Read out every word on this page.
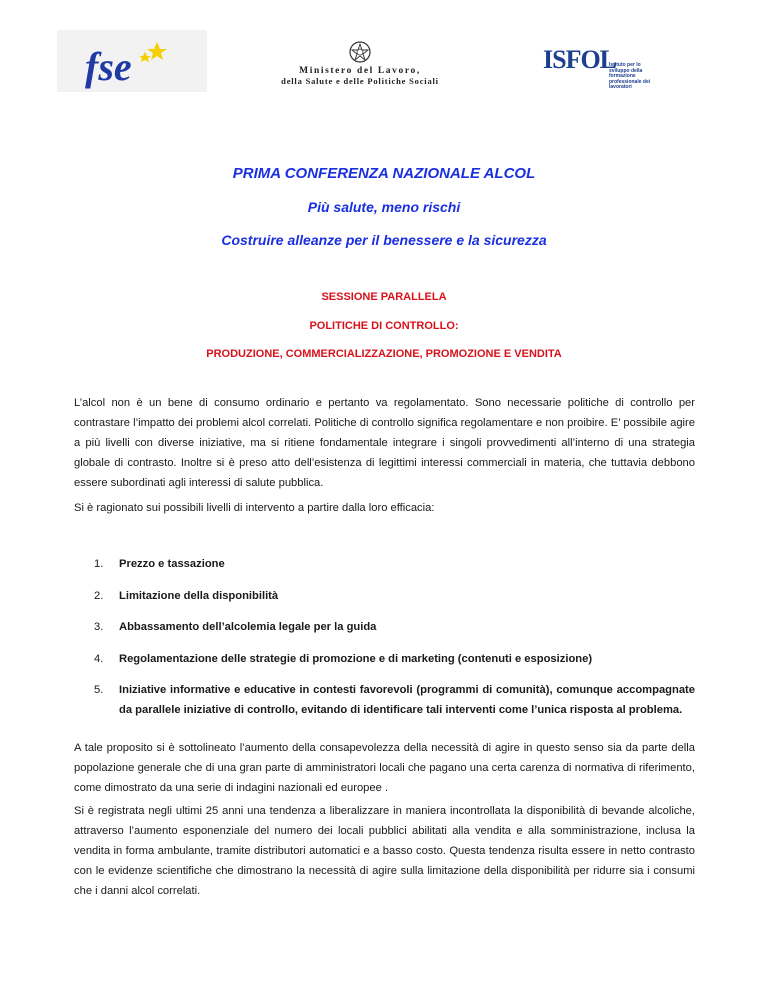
fse	Ministero del Lavoro,
della Salute e delle Politiche Sociali
ISFOL
Istituto per lo sviluppo della formazione professionale dei lavoratori
PRIMA CONFERENZA NAZIONALE ALCOL
Più salute, meno rischi
Costruire alleanze per il benessere e la sicurezza
SESSIONE PARALLELA
POLITICHE DI CONTROLLO:
PRODUZIONE, COMMERCIALIZZAZIONE, PROMOZIONE E VENDITA
L’alcol non è un bene di consumo ordinario e pertanto va regolamentato. Sono necessarie politiche di controllo per contrastare l’impatto dei problemi alcol correlati. Politiche di controllo significa regolamentare e non proibire. E’ possibile agire a più livelli con diverse iniziative, ma si ritiene fondamentale integrare i singoli provvedimenti all’interno di una strategia globale di contrasto. Inoltre si è preso atto dell’esistenza di legittimi interessi commerciali in materia, che tuttavia debbono essere subordinati agli interessi di salute pubblica.
Si è ragionato sui possibili livelli di intervento a partire dalla loro efficacia:
1. Prezzo e tassazione
2. Limitazione della disponibilità
3. Abbassamento dell’alcolemia legale per la guida
4. Regolamentazione delle strategie di promozione e di marketing (contenuti e esposizione)
5. Iniziative informative e educative in contesti favorevoli (programmi di comunità), comunque accompagnate da parallele iniziative di controllo, evitando di identificare tali interventi come l’unica risposta al problema.
A tale proposito si è sottolineato l’aumento della consapevolezza della necessità di agire in questo senso sia da parte della popolazione generale che di una gran parte di amministratori locali che pagano una certa carenza di normativa di riferimento, come dimostrato da una serie di indagini nazionali ed europee .
Si è registrata negli ultimi 25 anni una tendenza a liberalizzare in maniera incontrollata la disponibilità di bevande alcoliche, attraverso l’aumento esponenziale del numero dei locali pubblici abilitati alla vendita e alla somministrazione, inclusa la vendita in forma ambulante, tramite distributori automatici e a basso costo. Questa tendenza risulta essere in netto contrasto con le evidenze scientifiche che dimostrano la necessità di agire sulla limitazione della disponibilità per ridurre sia i consumi che i danni alcol correlati.
